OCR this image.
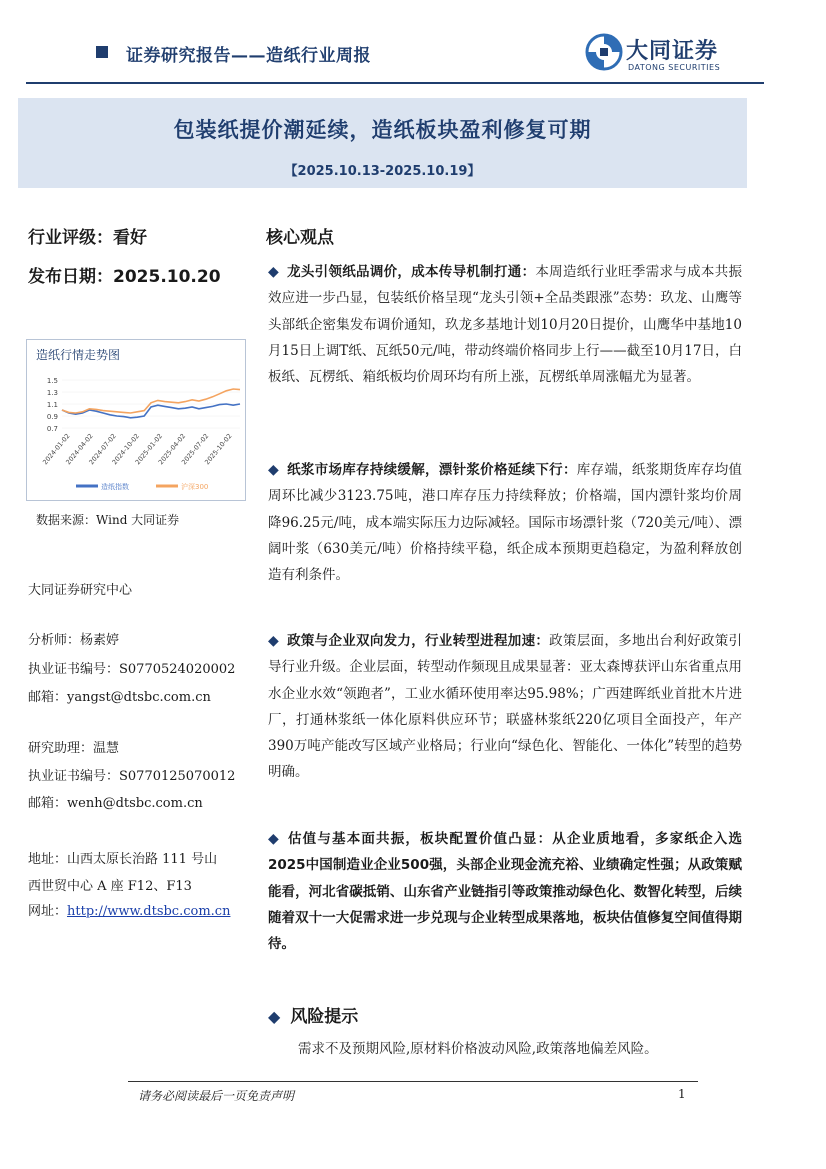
证券研究报告——造纸行业周报	大同证券
DATONG SECURITIES
包装纸提价潮延续，造纸板块盈利修复可期
【2025.10.13-2025.10.19】
行业评级：看好
发布日期：2025.10.20
造纸行情走势图
1.5
1.3
1.1
0.9
0.7
2024-01-02
2024-04-02
2024-07-02
2024-10-02
2025-01-02
2025-04-02
2025-07-02
2025-10-02
造纸指数	沪深300
数据来源：Wind 大同证券
大同证券研究中心
分析师：杨素婷
执业证书编号：S0770524020002
邮箱：yangst@dtsbc.com.cn
研究助理：温慧
执业证书编号：S0770125070012
邮箱：wenh@dtsbc.com.cn
地址：山西太原长治路 111 号山
西世贸中心 A 座 F12、F13
网址：http://www.dtsbc.com.cn
核心观点
◆ 龙头引领纸品调价，成本传导机制打通：本周造纸行业旺季需求与成本共振效应进一步凸显，包装纸价格呈现“龙头引领+全品类跟涨”态势：玖龙、山鹰等头部纸企密集发布调价通知，玖龙多基地计划10月20日提价，山鹰华中基地10月15日上调T纸、瓦纸50元/吨，带动终端价格同步上行——截至10月17日，白板纸、瓦楞纸、箱纸板均价周环均有所上涨，瓦楞纸单周涨幅尤为显著。
◆ 纸浆市场库存持续缓解，漂针浆价格延续下行：库存端，纸浆期货库存均值周环比减少3123.75吨，港口库存压力持续释放；价格端，国内漂针浆均价周降96.25元/吨，成本端实际压力边际减轻。国际市场漂针浆（720美元/吨）、漂阔叶浆（630美元/吨）价格持续平稳，纸企成本预期更趋稳定，为盈利释放创造有利条件。
◆ 政策与企业双向发力，行业转型进程加速：政策层面，多地出台利好政策引导行业升级。企业层面，转型动作频现且成果显著：亚太森博获评山东省重点用水企业水效“领跑者”，工业水循环使用率达95.98%；广西建晖纸业首批木片进厂，打通林浆纸一体化原料供应环节；联盛林浆纸220亿项目全面投产，年产390万吨产能改写区域产业格局；行业向“绿色化、智能化、一体化”转型的趋势明确。
◆ 估值与基本面共振，板块配置价值凸显：从企业质地看，多家纸企入选2025中国制造业企业500强，头部企业现金流充裕、业绩确定性强；从政策赋能看，河北省碳抵销、山东省产业链指引等政策推动绿色化、数智化转型，后续随着双十一大促需求进一步兑现与企业转型成果落地，板块估值修复空间值得期待。
◆ 风险提示
需求不及预期风险,原材料价格波动风险,政策落地偏差风险。
请务必阅读最后一页免责声明	1
